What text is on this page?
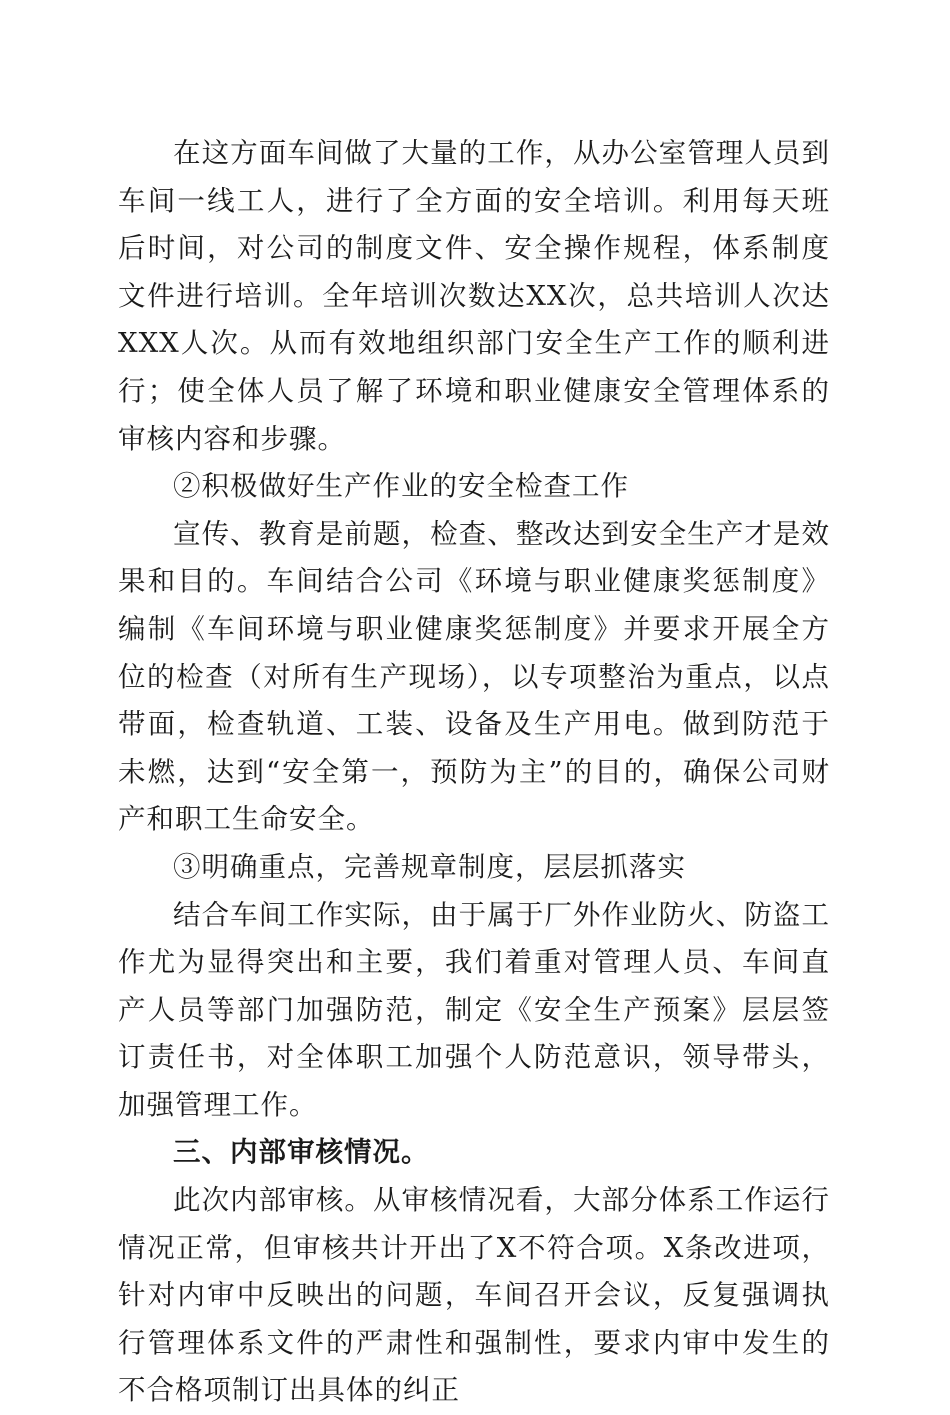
在这方面车间做了大量的工作，从办公室管理人员到车间一线工人，进行了全方面的安全培训。利用每天班后时间，对公司的制度文件、安全操作规程，体系制度文件进行培训。全年培训次数达XX次，总共培训人次达XXX人次。从而有效地组织部门安全生产工作的顺利进行；使全体人员了解了环境和职业健康安全管理体系的审核内容和步骤。

②积极做好生产作业的安全检查工作

宣传、教育是前题，检查、整改达到安全生产才是效果和目的。车间结合公司《环境与职业健康奖惩制度》编制《车间环境与职业健康奖惩制度》并要求开展全方位的检查（对所有生产现场），以专项整治为重点，以点带面，检查轨道、工装、设备及生产用电。做到防范于未燃，达到“安全第一，预防为主”的目的，确保公司财产和职工生命安全。

③明确重点，完善规章制度，层层抓落实

结合车间工作实际，由于属于厂外作业防火、防盗工作尤为显得突出和主要，我们着重对管理人员、车间直产人员等部门加强防范，制定《安全生产预案》层层签订责任书，对全体职工加强个人防范意识，领导带头，加强管理工作。

三、内部审核情况。

此次内部审核。从审核情况看，大部分体系工作运行情况正常，但审核共计开出了X不符合项。X条改进项，针对内审中反映出的问题，车间召开会议，反复强调执行管理体系文件的严肃性和强制性，要求内审中发生的不合格项制订出具体的纠正
